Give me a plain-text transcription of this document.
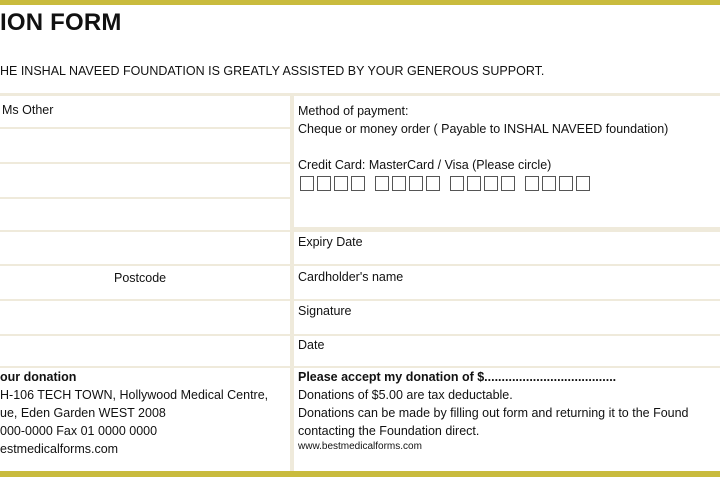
ION FORM
HE INSHAL NAVEED FOUNDATION IS GREATLY ASSISTED BY YOUR GENEROUS SUPPORT.
Ms Other
Postcode
our donation
H-106 TECH TOWN, Hollywood Medical Centre,
ue, Eden Garden WEST 2008
000-0000 Fax 01 0000 0000
estmedicalforms.com
Method of payment:
Cheque or money order ( Payable to INSHAL NAVEED foundation)
Credit Card: MasterCard / Visa (Please circle)
Expiry Date
Cardholder's name
Signature
Date
Please accept my donation of $......................................
Donations of $5.00 are tax deductable.
Donations can be made by filling out form and returning it to the Found
contacting the Foundation direct.
www.bestmedicalforms.com
